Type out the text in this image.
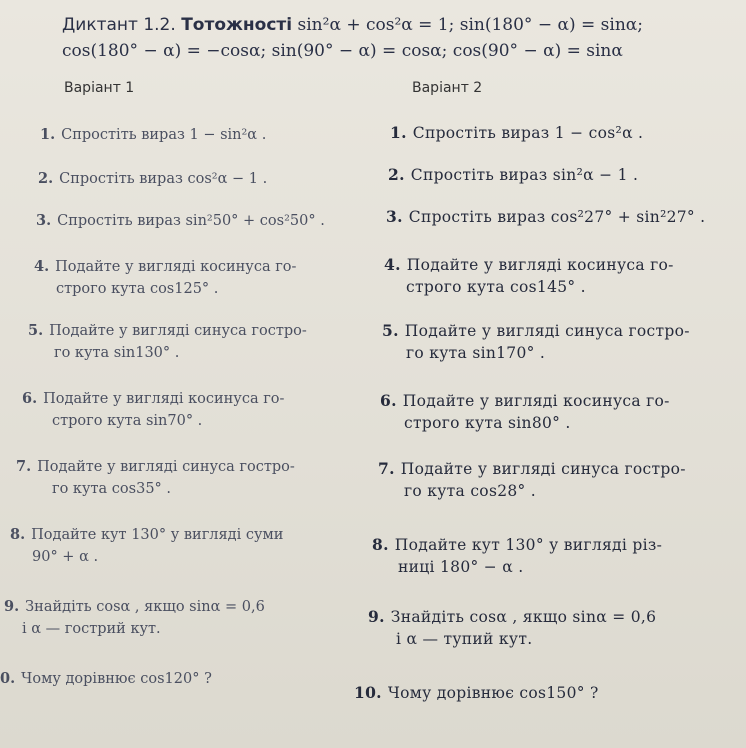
Диктант 1.2. Тотожності sin²α + cos²α = 1; sin(180° − α) = sinα;
cos(180° − α) = −cosα; sin(90° − α) = cosα; cos(90° − α) = sinα
Варіант 1	Варіант 2
1. Спростіть вираз 1 − sin²α .
2. Спростіть вираз cos²α − 1 .
3. Спростіть вираз sin²50° + cos²50° .
4. Подайте у вигляді косинуса го-
строго кута cos125° .
5. Подайте у вигляді синуса гостро-
го кута sin130° .
6. Подайте у вигляді косинуса го-
строго кута sin70° .
7. Подайте у вигляді синуса гостро-
го кута cos35° .
8. Подайте кут 130° у вигляді суми
90° + α .
9. Знайдіть cosα , якщо sinα = 0,6
і α — гострий кут.
0. Чому дорівнює cos120° ?
1. Спростіть вираз 1 − cos²α .
2. Спростіть вираз sin²α − 1 .
3. Спростіть вираз cos²27° + sin²27° .
4. Подайте у вигляді косинуса го-
строго кута cos145° .
5. Подайте у вигляді синуса гостро-
го кута sin170° .
6. Подайте у вигляді косинуса го-
строго кута sin80° .
7. Подайте у вигляді синуса гостро-
го кута cos28° .
8. Подайте кут 130° у вигляді різ-
ниці 180° − α .
9. Знайдіть cosα , якщо sinα = 0,6
і α — тупий кут.
10. Чому дорівнює cos150° ?
